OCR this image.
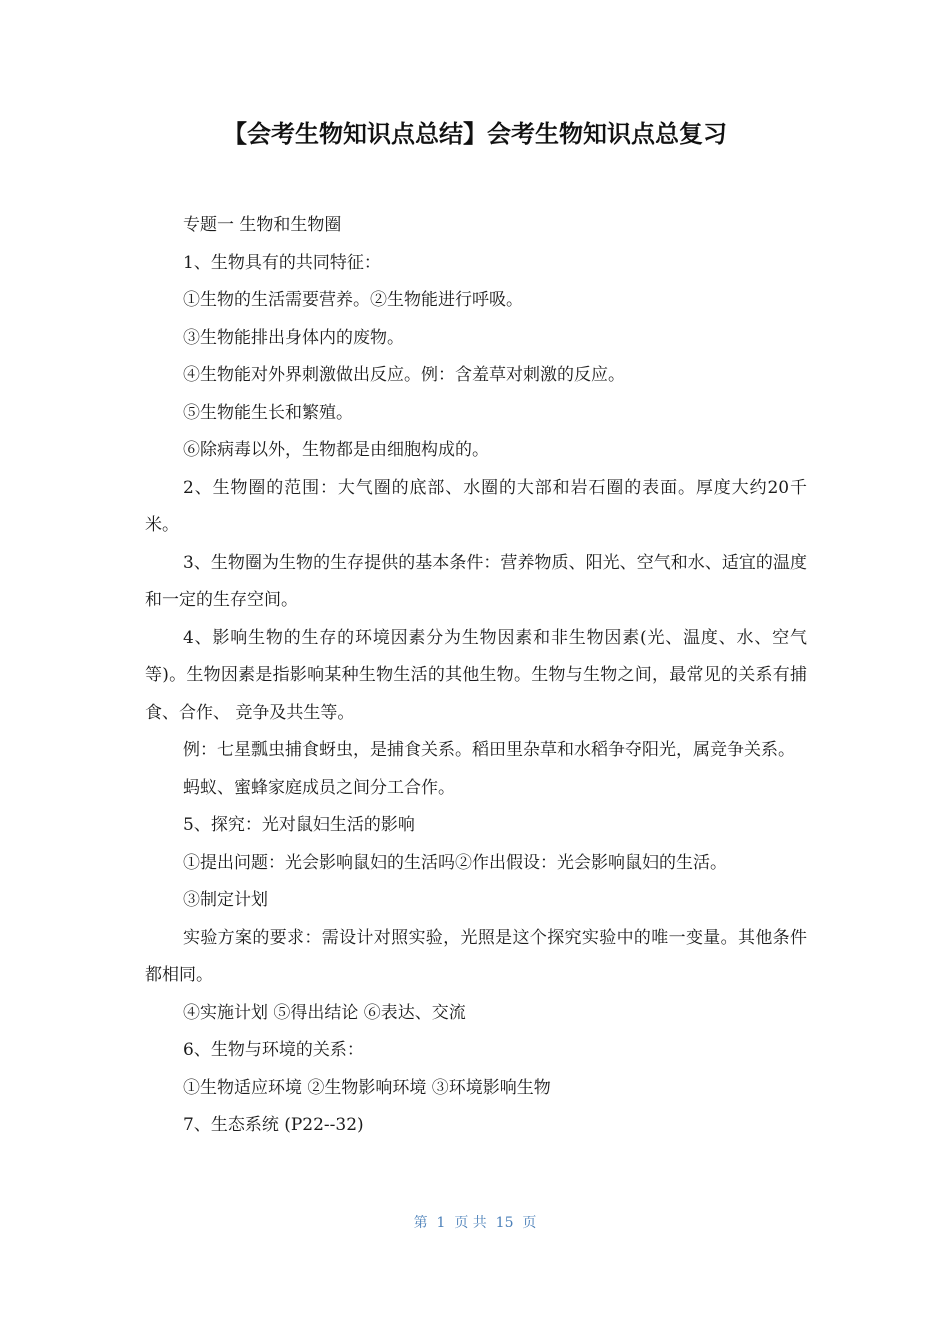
【会考生物知识点总结】会考生物知识点总复习

专题一 生物和生物圈

1、生物具有的共同特征：

①生物的生活需要营养。②生物能进行呼吸。

③生物能排出身体内的废物。

④生物能对外界刺激做出反应。例：含羞草对刺激的反应。

⑤生物能生长和繁殖。

⑥除病毒以外，生物都是由细胞构成的。

2、生物圈的范围：大气圈的底部、水圈的大部和岩石圈的表面。厚度大约20千米。

3、生物圈为生物的生存提供的基本条件：营养物质、阳光、空气和水、适宜的温度和一定的生存空间。

4、影响生物的生存的环境因素分为生物因素和非生物因素(光、温度、水、空气等)。生物因素是指影响某种生物生活的其他生物。生物与生物之间，最常见的关系有捕食、合作、 竞争及共生等。

例：七星瓢虫捕食蚜虫，是捕食关系。稻田里杂草和水稻争夺阳光，属竞争关系。

蚂蚁、蜜蜂家庭成员之间分工合作。

5、探究：光对鼠妇生活的影响

①提出问题：光会影响鼠妇的生活吗②作出假设：光会影响鼠妇的生活。

③制定计划

实验方案的要求：需设计对照实验，光照是这个探究实验中的唯一变量。其他条件都相同。

④实施计划 ⑤得出结论 ⑥表达、交流

6、生物与环境的关系：

①生物适应环境 ②生物影响环境 ③环境影响生物

7、生态系统 (P22--32)

第  1  页 共  15  页
